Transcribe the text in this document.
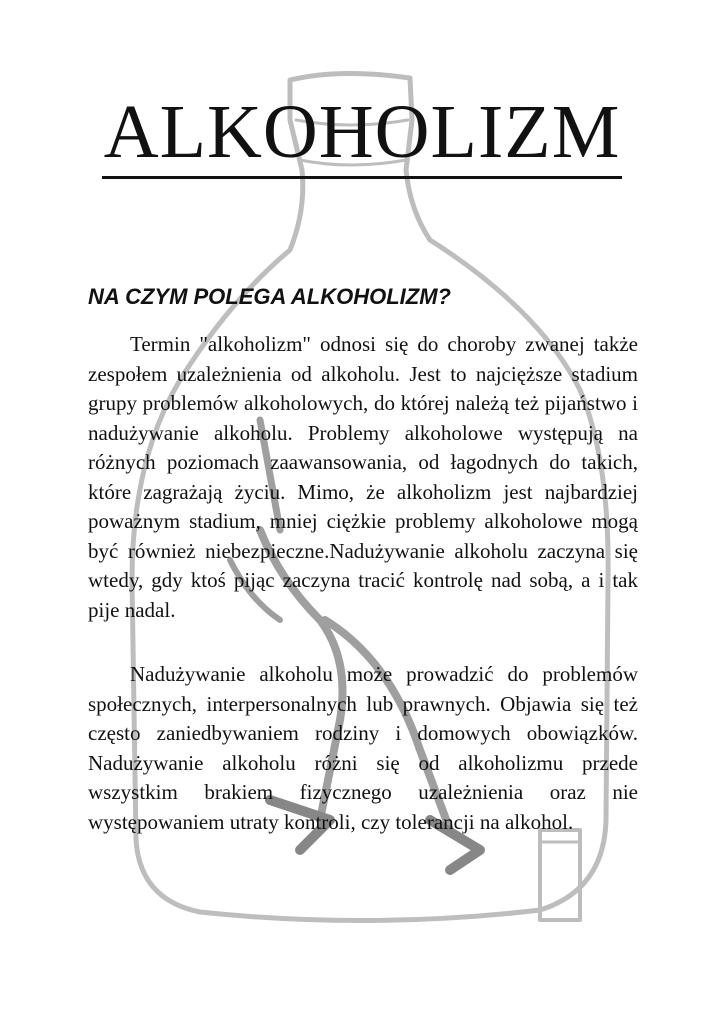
ALKOHOLIZM
NA CZYM POLEGA ALKOHOLIZM?

Termin "alkoholizm" odnosi się do choroby zwanej także zespołem uzależnienia od alkoholu. Jest to najcięższe stadium grupy problemów alkoholowych, do której należą też pijaństwo i nadużywanie alkoholu. Problemy alkoholowe występują na różnych poziomach zaawansowania, od łagodnych do takich, które zagrażają życiu. Mimo, że alkoholizm jest najbardziej poważnym stadium, mniej ciężkie problemy alkoholowe mogą być również niebezpieczne.Nadużywanie alkoholu zaczyna się wtedy, gdy ktoś pijąc zaczyna tracić kontrolę nad sobą, a i tak pije nadal.

Nadużywanie alkoholu może prowadzić do problemów społecznych, interpersonalnych lub prawnych. Objawia się też często zaniedbywaniem rodziny i domowych obowiązków. Nadużywanie alkoholu różni się od alkoholizmu przede wszystkim brakiem fizycznego uzależnienia oraz nie występowaniem utraty kontroli, czy tolerancji na alkohol.
